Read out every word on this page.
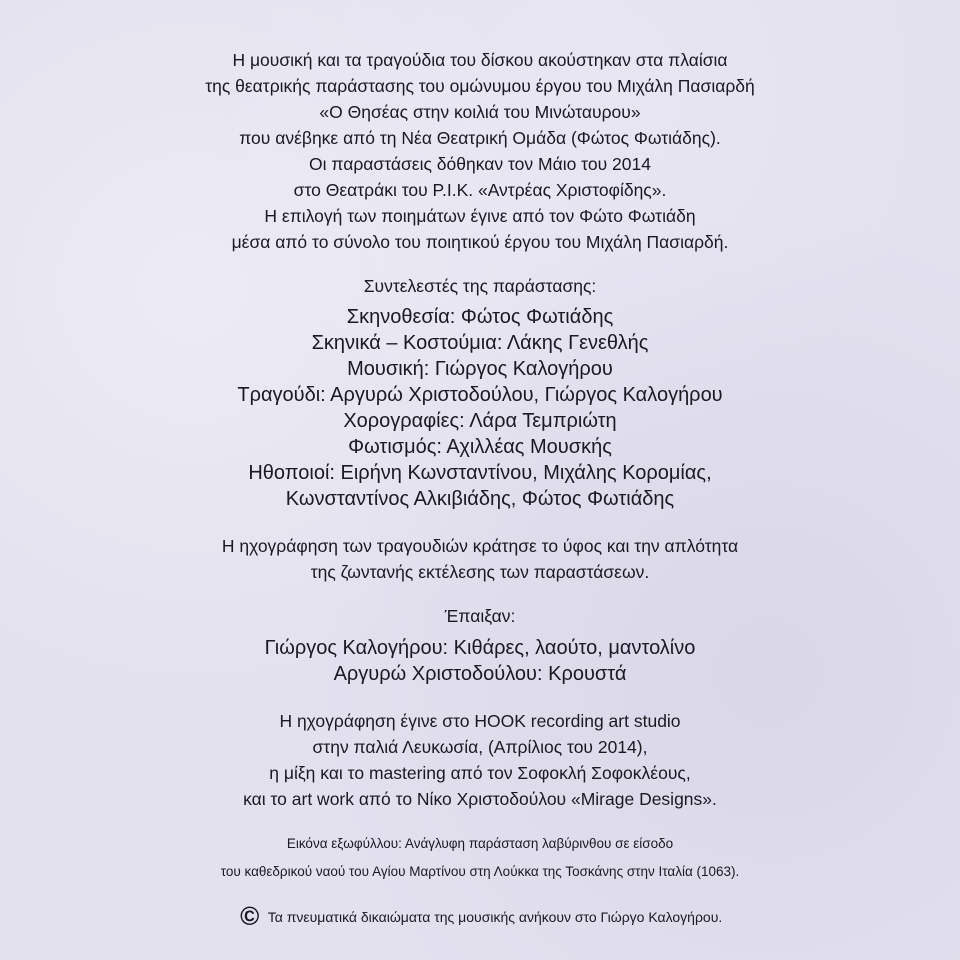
Η μουσική και τα τραγούδια του δίσκου ακούστηκαν στα πλαίσια

της θεατρικής παράστασης του ομώνυμου έργου του Μιχάλη Πασιαρδή

«Ο Θησέας στην κοιλιά του Μινώταυρου»

που ανέβηκε από τη Νέα Θεατρική Ομάδα (Φώτος Φωτιάδης).

Οι παραστάσεις δόθηκαν τον Μάιο του 2014

στο Θεατράκι του Ρ.Ι.Κ. «Αντρέας Χριστοφίδης».

Η επιλογή των ποιημάτων έγινε από τον Φώτο Φωτιάδη

μέσα από το σύνολο του ποιητικού έργου του Μιχάλη Πασιαρδή.

Συντελεστές της παράστασης:

Σκηνοθεσία: Φώτος Φωτιάδης

Σκηνικά – Κοστούμια: Λάκης Γενεθλής

Μουσική: Γιώργος Καλογήρου

Τραγούδι: Αργυρώ Χριστοδούλου, Γιώργος Καλογήρου

Χορογραφίες: Λάρα Τεμπριώτη

Φωτισμός: Αχιλλέας Μουσκής

Ηθοποιοί: Ειρήνη Κωνσταντίνου, Μιχάλης Κορομίας,

Κωνσταντίνος Αλκιβιάδης, Φώτος Φωτιάδης

Η ηχογράφηση των τραγουδιών κράτησε το ύφος και την απλότητα

της ζωντανής εκτέλεσης των παραστάσεων.

Έπαιξαν:

Γιώργος Καλογήρου: Κιθάρες, λαούτο, μαντολίνο

Αργυρώ Χριστοδούλου: Κρουστά

Η ηχογράφηση έγινε στο HOOK recording art studio

στην παλιά Λευκωσία, (Απρίλιος του 2014),

η μίξη και το mastering από τον Σοφοκλή Σοφοκλέους,

και το art work από το Νίκο Χριστοδούλου «Mirage Designs».

Εικόνα εξωφύλλου: Ανάγλυφη παράσταση λαβύρινθου σε είσοδο

του καθεδρικού ναού του Αγίου Μαρτίνου στη Λούκκα της Τοσκάνης στην Ιταλία (1063).

© Τα πνευματικά δικαιώματα της μουσικής ανήκουν στο Γιώργο Καλογήρου.
